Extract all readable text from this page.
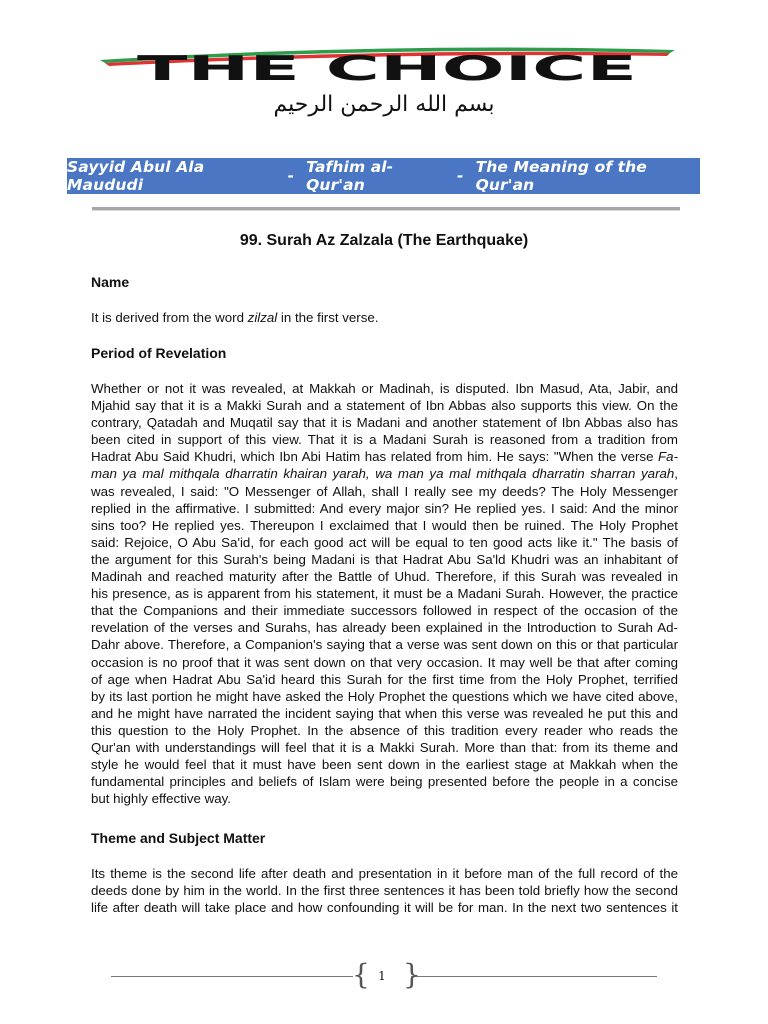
THE CHOICE
بسم الله الرحمن الرحيم
Sayyid Abul Ala Maududi	- Tafhim al-Qur'an	- The Meaning of the Qur'an
99. Surah Az Zalzala (The Earthquake)
Name
It is derived from the word zilzal in the first verse.
Period of Revelation
Whether or not it was revealed, at Makkah or Madinah, is disputed. Ibn Masud, Ata, Jabir, and
Mjahid say that it is a Makki Surah and a statement of Ibn Abbas also supports this view. On the
contrary, Qatadah and Muqatil say that it is Madani and another statement of Ibn Abbas also has
been cited in support of this view. That it is a Madani Surah is reasoned from a tradition from
Hadrat Abu Said Khudri, which Ibn Abi Hatim has related from him. He says: "When the verse Fa-
man ya mal mithqala dharratin khairan yarah, wa man ya mal mithqala dharratin sharran yarah,
was revealed, I said: "O Messenger of Allah, shall I really see my deeds? The Holy Messenger
replied in the affirmative. I submitted: And every major sin? He replied yes. I said: And the minor
sins too? He replied yes. Thereupon I exclaimed that I would then be ruined. The Holy Prophet
said: Rejoice, O Abu Sa'id, for each good act will be equal to ten good acts like it." The basis of
the argument for this Surah's being Madani is that Hadrat Abu Sa'ld Khudri was an inhabitant of
Madinah and reached maturity after the Battle of Uhud. Therefore, if this Surah was revealed in
his presence, as is apparent from his statement, it must be a Madani Surah. However, the practice
that the Companions and their immediate successors followed in respect of the occasion of the
revelation of the verses and Surahs, has already been explained in the Introduction to Surah Ad-
Dahr above. Therefore, a Companion's saying that a verse was sent down on this or that particular
occasion is no proof that it was sent down on that very occasion. It may well be that after coming
of age when Hadrat Abu Sa'id heard this Surah for the first time from the Holy Prophet, terrified
by its last portion he might have asked the Holy Prophet the questions which we have cited above,
and he might have narrated the incident saying that when this verse was revealed he put this and
this question to the Holy Prophet. In the absence of this tradition every reader who reads the
Qur'an with understandings will feel that it is a Makki Surah. More than that: from its theme and
style he would feel that it must have been sent down in the earliest stage at Makkah when the
fundamental principles and beliefs of Islam were being presented before the people in a concise
but highly effective way.
Theme and Subject Matter
Its theme is the second life after death and presentation in it before man of the full record of the
deeds done by him in the world. In the first three sentences it has been told briefly how the second
life after death will take place and how confounding it will be for man. In the next two sentences it
{ }
1
